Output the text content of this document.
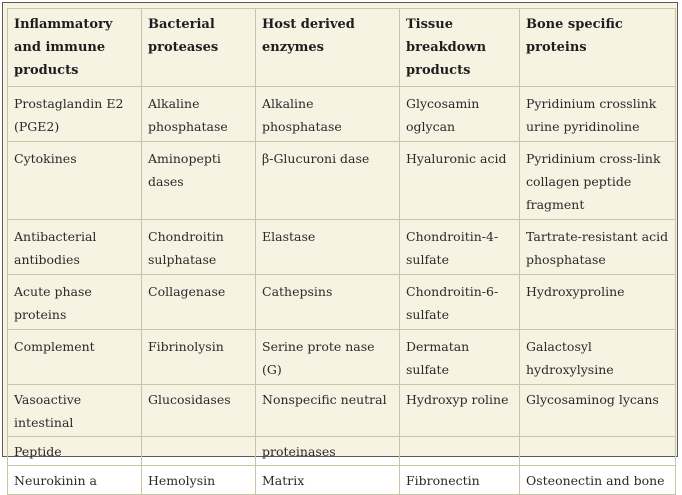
Inflammatory and immune products	Bacterial proteases	Host derived enzymes	Tissue breakdown products	Bone specific proteins
Prostaglandin E2 (PGE2)	Alkaline phosphatase	Alkaline phosphatase	Glycosamin oglycan	Pyridinium crosslink urine pyridinoline
Cytokines	Aminopepti dases	β-Glucuroni dase	Hyaluronic acid	Pyridinium cross-link collagen peptide fragment
Antibacterial antibodies	Chondroitin sulphatase	Elastase	Chondroitin-4-sulfate	Tartrate-resistant acid phosphatase
Acute phase proteins	Collagenase	Cathepsins	Chondroitin-6-sulfate	Hydroxyproline
Complement	Fibrinolysin	Serine prote nase (G)	Dermatan sulfate	Galactosyl hydroxylysine
Vasoactive intestinal	Glucosidases	Nonspecific neutral	Hydroxyp roline	Glycosaminog lycans
Peptide		proteinases		
Neurokinin a	Hemolysin	Matrix	Fibronectin	Osteonectin and bone
